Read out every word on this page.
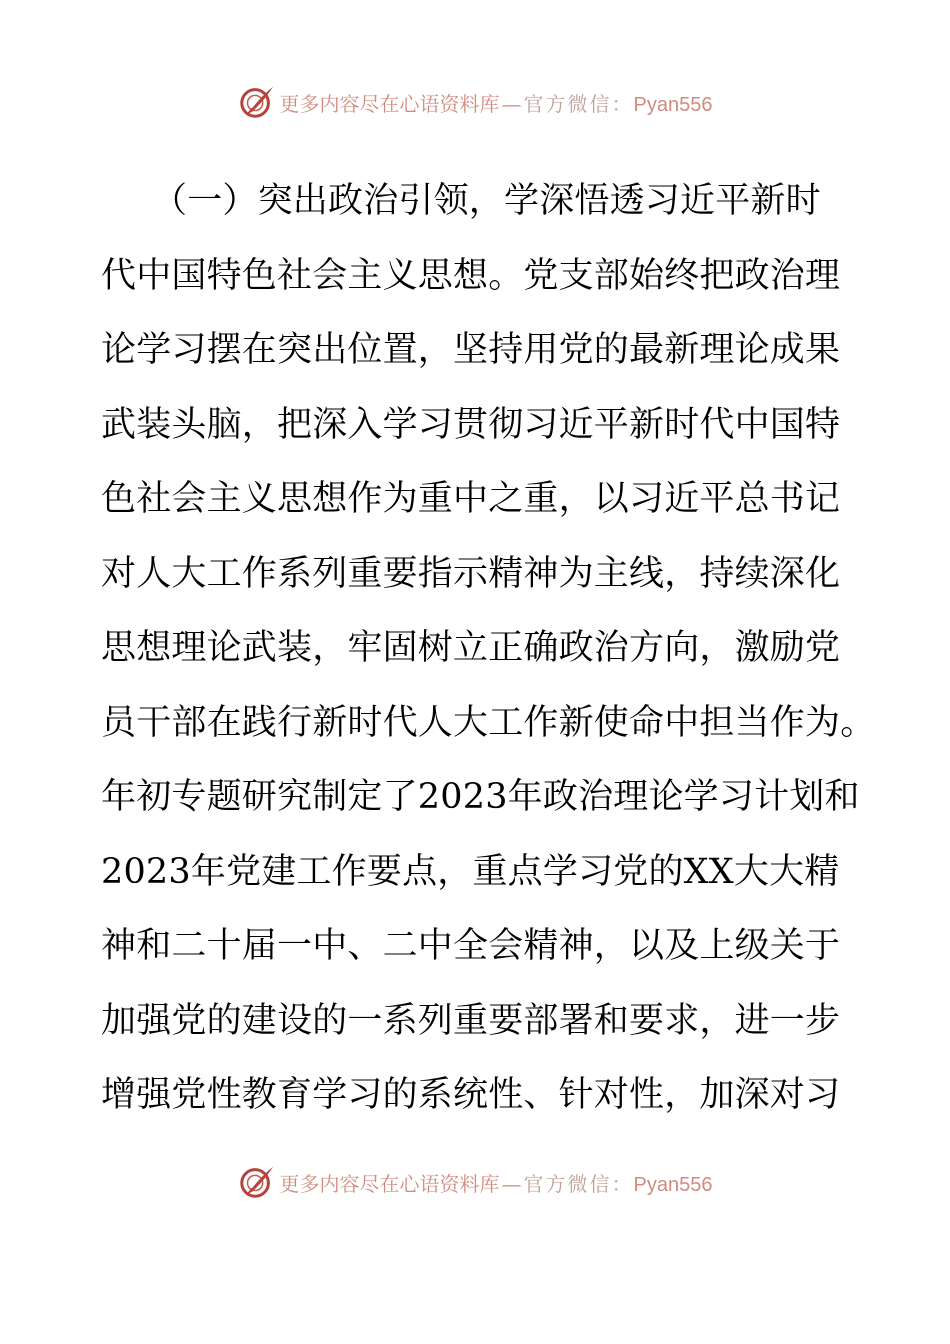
更多内容尽在心语资料库 — 官方微信：Pyan556
（一）突出政治引领，学深悟透习近平新时
代中国特色社会主义思想。党支部始终把政治理
论学习摆在突出位置，坚持用党的最新理论成果
武装头脑，把深入学习贯彻习近平新时代中国特
色社会主义思想作为重中之重，以习近平总书记
对人大工作系列重要指示精神为主线，持续深化
思想理论武装，牢固树立正确政治方向，激励党
员干部在践行新时代人大工作新使命中担当作为。
年初专题研究制定了2023年政治理论学习计划和
2023年党建工作要点，重点学习党的XX大大精
神和二十届一中、二中全会精神，以及上级关于
加强党的建设的一系列重要部署和要求，进一步
增强党性教育学习的系统性、针对性，加深对习
更多内容尽在心语资料库 — 官方微信：Pyan556
